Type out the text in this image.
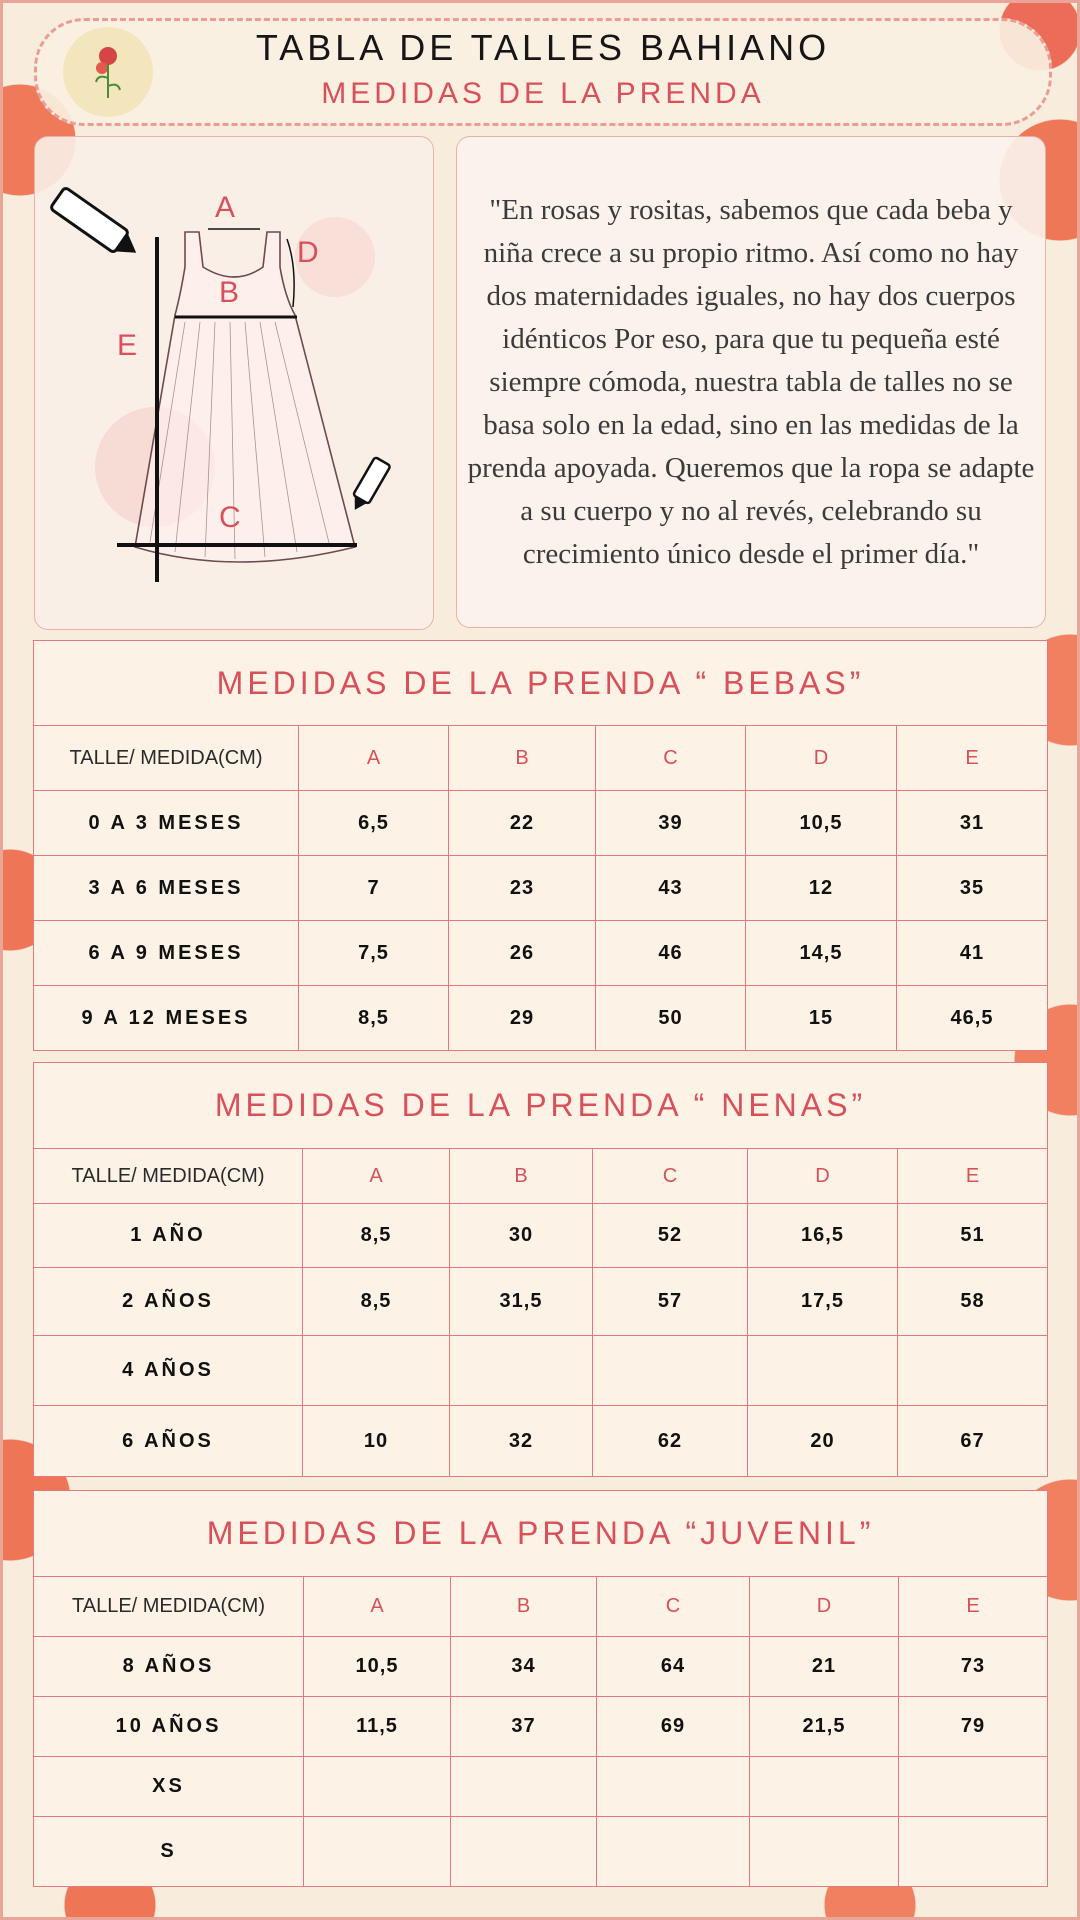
TABLA DE TALLES BAHIANO
MEDIDAS DE LA PRENDA
A
D
B
E
C

"En rosas y rositas, sabemos que cada beba y niña crece a su propio ritmo. Así como no hay dos maternidades iguales, no hay dos cuerpos idénticos Por eso, para que tu pequeña esté siempre cómoda, nuestra tabla de talles no se basa solo en la edad, sino en las medidas de la prenda apoyada. Queremos que la ropa se adapte a su cuerpo y no al revés, celebrando su crecimiento único desde el primer día."

MEDIDAS DE LA PRENDA “ BEBAS”					
TALLE/ MEDIDA(CM)	A	B	C	D	E
0 A 3 MESES	6,5	22	39	10,5	31
3 A 6 MESES	7	23	43	12	35
6 A 9 MESES	7,5	26	46	14,5	41
9 A 12 MESES	8,5	29	50	15	46,5
MEDIDAS DE LA PRENDA “ NENAS”					
TALLE/ MEDIDA(CM)	A	B	C	D	E
1 AÑO	8,5	30	52	16,5	51
2 AÑOS	8,5	31,5	57	17,5	58
4 AÑOS					
6 AÑOS	10	32	62	20	67
MEDIDAS DE LA PRENDA “JUVENIL”					
TALLE/ MEDIDA(CM)	A	B	C	D	E
8 AÑOS	10,5	34	64	21	73
10 AÑOS	11,5	37	69	21,5	79
XS					
S					
